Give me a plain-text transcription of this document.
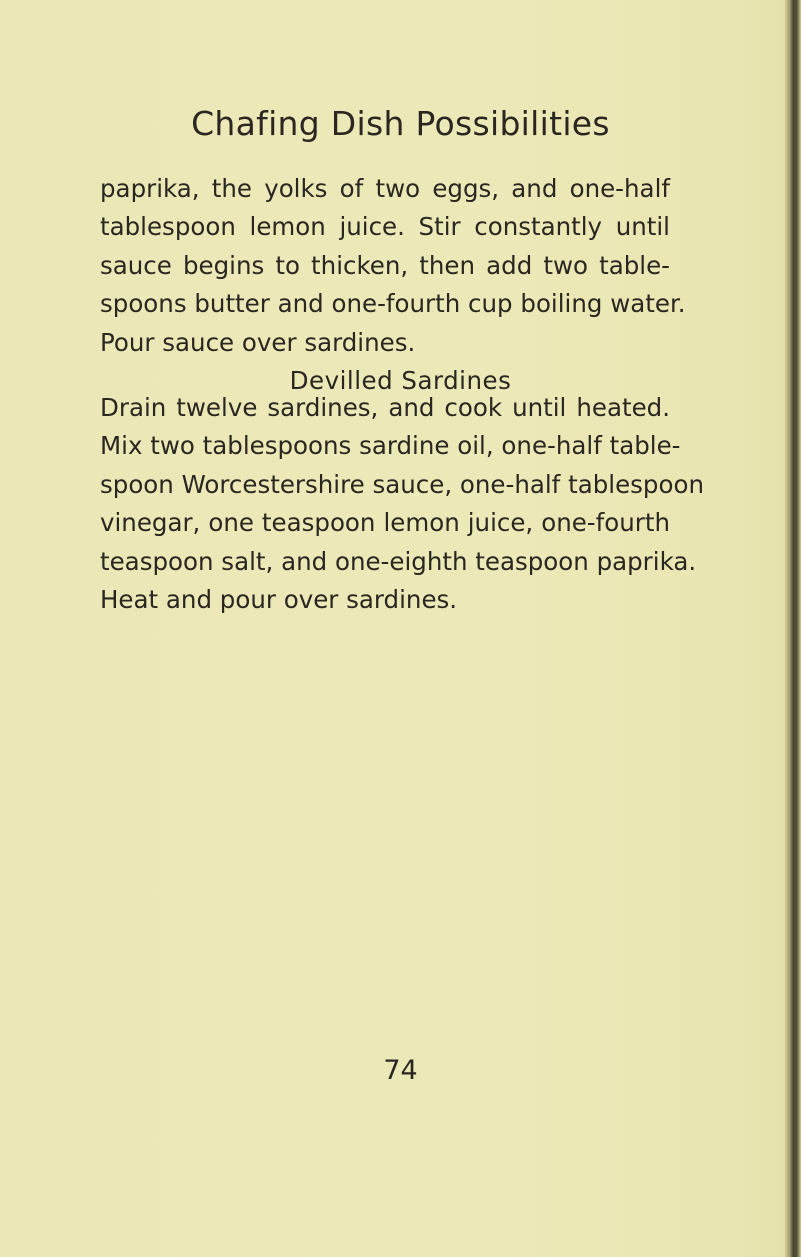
Chafing Dish Possibilities

paprika, the yolks of two eggs, and one-half
tablespoon lemon juice. Stir constantly until
sauce begins to thicken, then add two table-
spoons butter and one-fourth cup boiling water.
Pour sauce over sardines.

Devilled Sardines

Drain twelve sardines, and cook until heated.
Mix two tablespoons sardine oil, one-half table-
spoon Worcestershire sauce, one-half tablespoon
vinegar, one teaspoon lemon juice, one-fourth
teaspoon salt, and one-eighth teaspoon paprika.
Heat and pour over sardines.

74
